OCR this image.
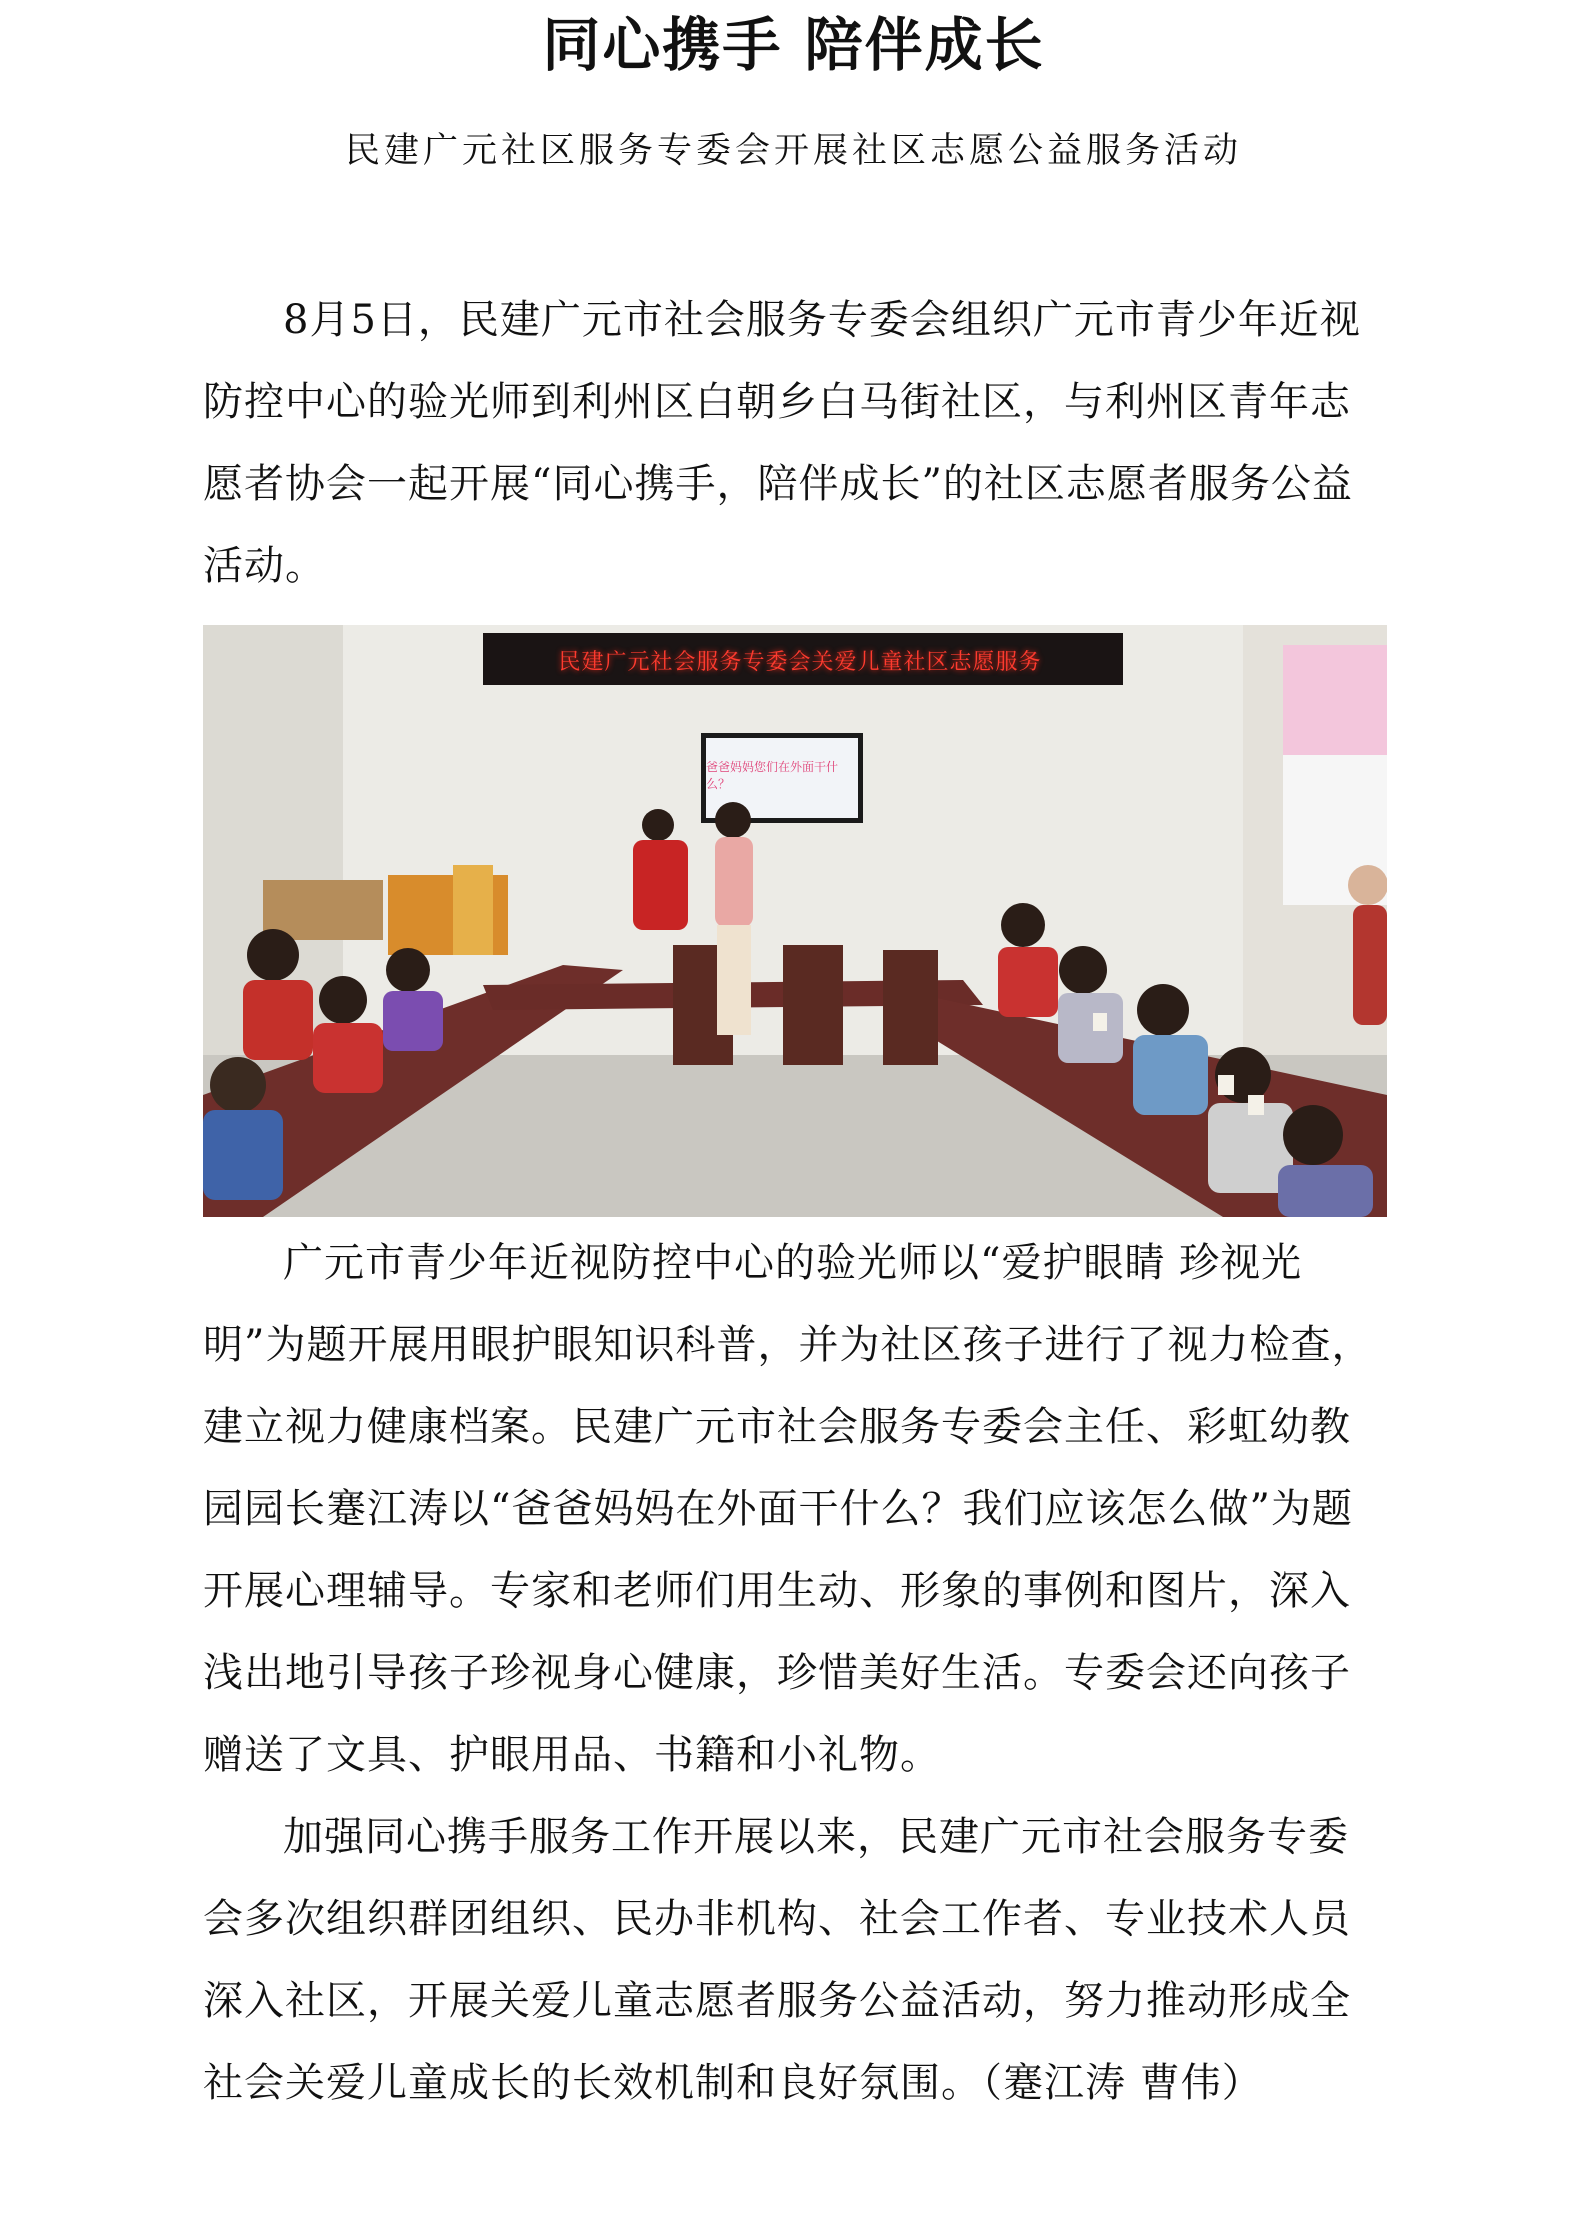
同心携手 陪伴成长
民建广元社区服务专委会开展社区志愿公益服务活动

8月5日，民建广元市社会服务专委会组织广元市青少年近视防控中心的验光师到利州区白朝乡白马街社区，与利州区青年志愿者协会一起开展“同心携手，陪伴成长”的社区志愿者服务公益活动。

民建广元社会服务专委会关爱儿童社区志愿服务
爸爸妈妈您们在外面干什么？

广元市青少年近视防控中心的验光师以“爱护眼睛 珍视光明”为题开展用眼护眼知识科普，并为社区孩子进行了视力检查，建立视力健康档案。民建广元市社会服务专委会主任、彩虹幼教园园长蹇江涛以“爸爸妈妈在外面干什么？我们应该怎么做”为题开展心理辅导。专家和老师们用生动、形象的事例和图片，深入浅出地引导孩子珍视身心健康，珍惜美好生活。专委会还向孩子赠送了文具、护眼用品、书籍和小礼物。

加强同心携手服务工作开展以来，民建广元市社会服务专委会多次组织群团组织、民办非机构、社会工作者、专业技术人员深入社区，开展关爱儿童志愿者服务公益活动，努力推动形成全社会关爱儿童成长的长效机制和良好氛围。（蹇江涛 曹伟）
